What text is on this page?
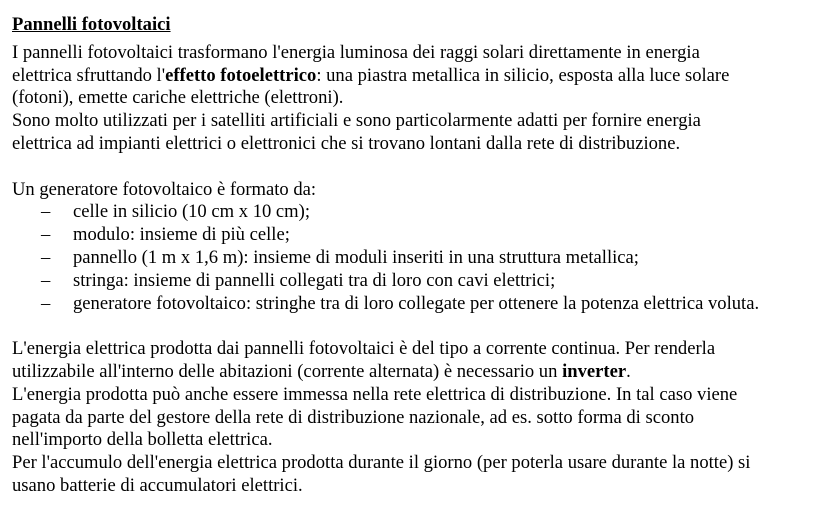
Pannelli fotovoltaici
I pannelli fotovoltaici trasformano l'energia luminosa dei raggi solari direttamente in energia
elettrica sfruttando l'effetto fotoelettrico: una piastra metallica in silicio, esposta alla luce solare
(fotoni), emette cariche elettriche (elettroni).
Sono molto utilizzati per i satelliti artificiali e sono particolarmente adatti per fornire energia
elettrica ad impianti elettrici o elettronici che si trovano lontani dalla rete di distribuzione.
Un generatore fotovoltaico è formato da:
– celle in silicio (10 cm x 10 cm);
– modulo: insieme di più celle;
– pannello (1 m x 1,6 m): insieme di moduli inseriti in una struttura metallica;
– stringa: insieme di pannelli collegati tra di loro con cavi elettrici;
– generatore fotovoltaico: stringhe tra di loro collegate per ottenere la potenza elettrica voluta.
L'energia elettrica prodotta dai pannelli fotovoltaici è del tipo a corrente continua. Per renderla
utilizzabile all'interno delle abitazioni (corrente alternata) è necessario un inverter.
L'energia prodotta può anche essere immessa nella rete elettrica di distribuzione. In tal caso viene
pagata da parte del gestore della rete di distribuzione nazionale, ad es. sotto forma di sconto
nell'importo della bolletta elettrica.
Per l'accumulo dell'energia elettrica prodotta durante il giorno (per poterla usare durante la notte) si
usano batterie di accumulatori elettrici.
